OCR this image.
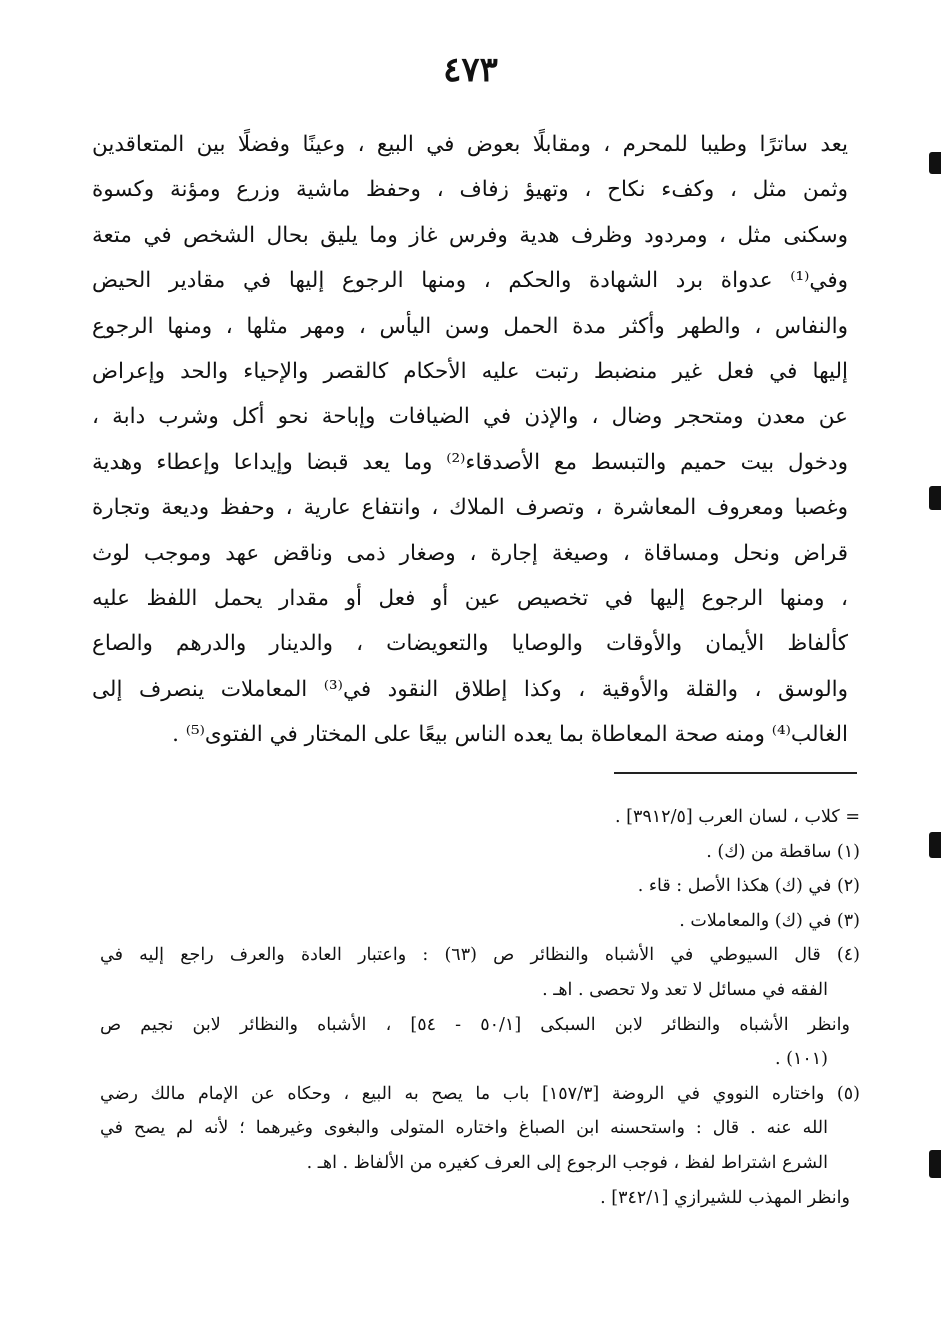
٤٧٣
يعد ساترًا وطيبا للمحرم ، ومقابلًا بعوض في البيع ، وعينًا وفضلًا بين المتعاقدين
وثمن مثل ، وكفء نكاح ، وتهيؤ زفاف ، وحفظ ماشية وزرع ومؤنة وكسوة
وسكنى مثل ، ومردود وظرف هدية وفرس غاز وما يليق بحال الشخص في متعة
وفي⁽¹⁾ عدواة برد الشهادة والحكم ، ومنها الرجوع إليها في مقادير الحيض
والنفاس ، والطهر وأكثر مدة الحمل وسن اليأس ، ومهر مثلها ، ومنها الرجوع
إليها في فعل غير منضبط رتبت عليه الأحكام كالقصر والإحياء والحد وإعراض
عن معدن ومتحجر وضال ، والإذن في الضيافات وإباحة نحو أكل وشرب دابة ،
ودخول بيت حميم والتبسط مع الأصدقاء⁽²⁾ وما يعد قبضا وإيداعا وإعطاء وهدية
وغصبا ومعروف المعاشرة ، وتصرف الملاك ، وانتفاع عارية ، وحفظ وديعة وتجارة
قراض ونحل ومساقاة ، وصيغة إجارة ، وصغار ذمى وناقض عهد وموجب لوث
، ومنها الرجوع إليها في تخصيص عين أو فعل أو مقدار يحمل اللفظ عليه
كألفاظ الأيمان والأوقات والوصايا والتعويضات ، والدينار والدرهم والصاع
والوسق ، والقلة والأوقية ، وكذا إطلاق النقود في⁽³⁾ المعاملات ينصرف إلى
الغالب⁽⁴⁾ ومنه صحة المعاطاة بما يعده الناس بيعًا على المختار في الفتوى⁽⁵⁾ .
= كلاب ، لسان العرب [٣٩١٢/٥] .
(١) ساقطة من (ك) .
(٢) في (ك) هكذا الأصل : قاء .
(٣) في (ك) والمعاملات .
(٤) قال السيوطي في الأشباه والنظائر ص (٦٣) : واعتبار العادة والعرف راجع إليه في
الفقه في مسائل لا تعد ولا تحصى . اهـ .
وانظر الأشباه والنظائر لابن السبكى [٥٠/١ - ٥٤] ، الأشباه والنظائر لابن نجيم ص
(١٠١) .
(٥) واختاره النووي في الروضة [١٥٧/٣] باب ما يصح به البيع ، وحكاه عن الإمام مالك رضي
الله عنه . قال : واستحسنه ابن الصباغ واختاره المتولى والبغوى وغيرهما ؛ لأنه لم يصح في
الشرع اشتراط لفظ ، فوجب الرجوع إلى العرف كغيره من الألفاظ . اهـ .
وانظر المهذب للشيرازي [٣٤٢/١] .
